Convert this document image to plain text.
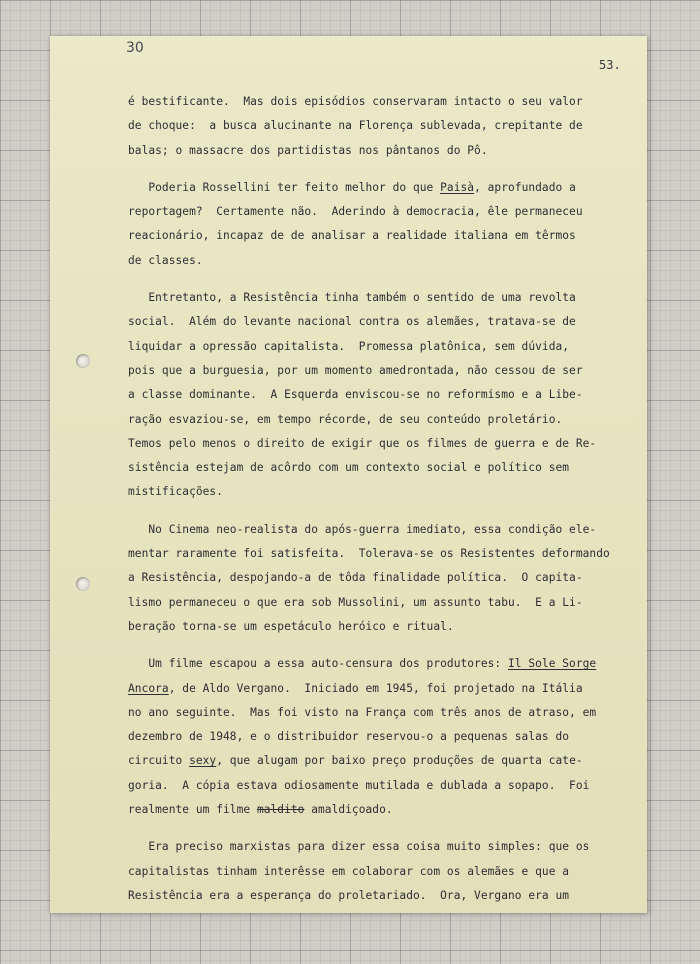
30
53.
é bestificante.  Mas dois episódios conservaram intacto o seu valor
de choque:  a busca alucinante na Florença sublevada, crepitante de
balas; o massacre dos partidistas nos pântanos do Pô.
Poderia Rossellini ter feito melhor do que Paisà, aprofundado a
reportagem?  Certamente não.  Aderindo à democracia, êle permaneceu
reacionário, incapaz de de analisar a realidade italiana em têrmos
de classes.
Entretanto, a Resistência tinha também o sentido de uma revolta
social.  Além do levante nacional contra os alemães, tratava-se de
liquidar a opressão capitalista.  Promessa platônica, sem dúvida,
pois que a burguesia, por um momento amedrontada, não cessou de ser
a classe dominante.  A Esquerda enviscou-se no reformismo e a Libe-
ração esvaziou-se, em tempo récorde, de seu conteúdo proletário.
Temos pelo menos o direito de exigir que os filmes de guerra e de Re-
sistência estejam de acôrdo com um contexto social e político sem
mistificações.
No Cinema neo-realista do após-guerra imediato, essa condição ele-
mentar raramente foi satisfeita.  Tolerava-se os Resistentes deformando
a Resistência, despojando-a de tôda finalidade política.  O capita-
lismo permaneceu o que era sob Mussolini, um assunto tabu.  E a Li-
beração torna-se um espetáculo heróico e ritual.
Um filme escapou a essa auto-censura dos produtores: Il Sole Sorge
Ancora, de Aldo Vergano.  Iniciado em 1945, foi projetado na Itália
no ano seguinte.  Mas foi visto na França com três anos de atraso, em
dezembro de 1948, e o distribuidor reservou-o a pequenas salas do
circuito sexy, que alugam por baixo preço produções de quarta cate-
goria.  A cópia estava odiosamente mutilada e dublada a sopapo.  Foi
realmente um filme maldito amaldiçoado.
Era preciso marxistas para dizer essa coisa muito simples: que os
capitalistas tinham interêsse em colaborar com os alemães e que a
Resistência era a esperança do proletariado.  Ora, Vergano era um
